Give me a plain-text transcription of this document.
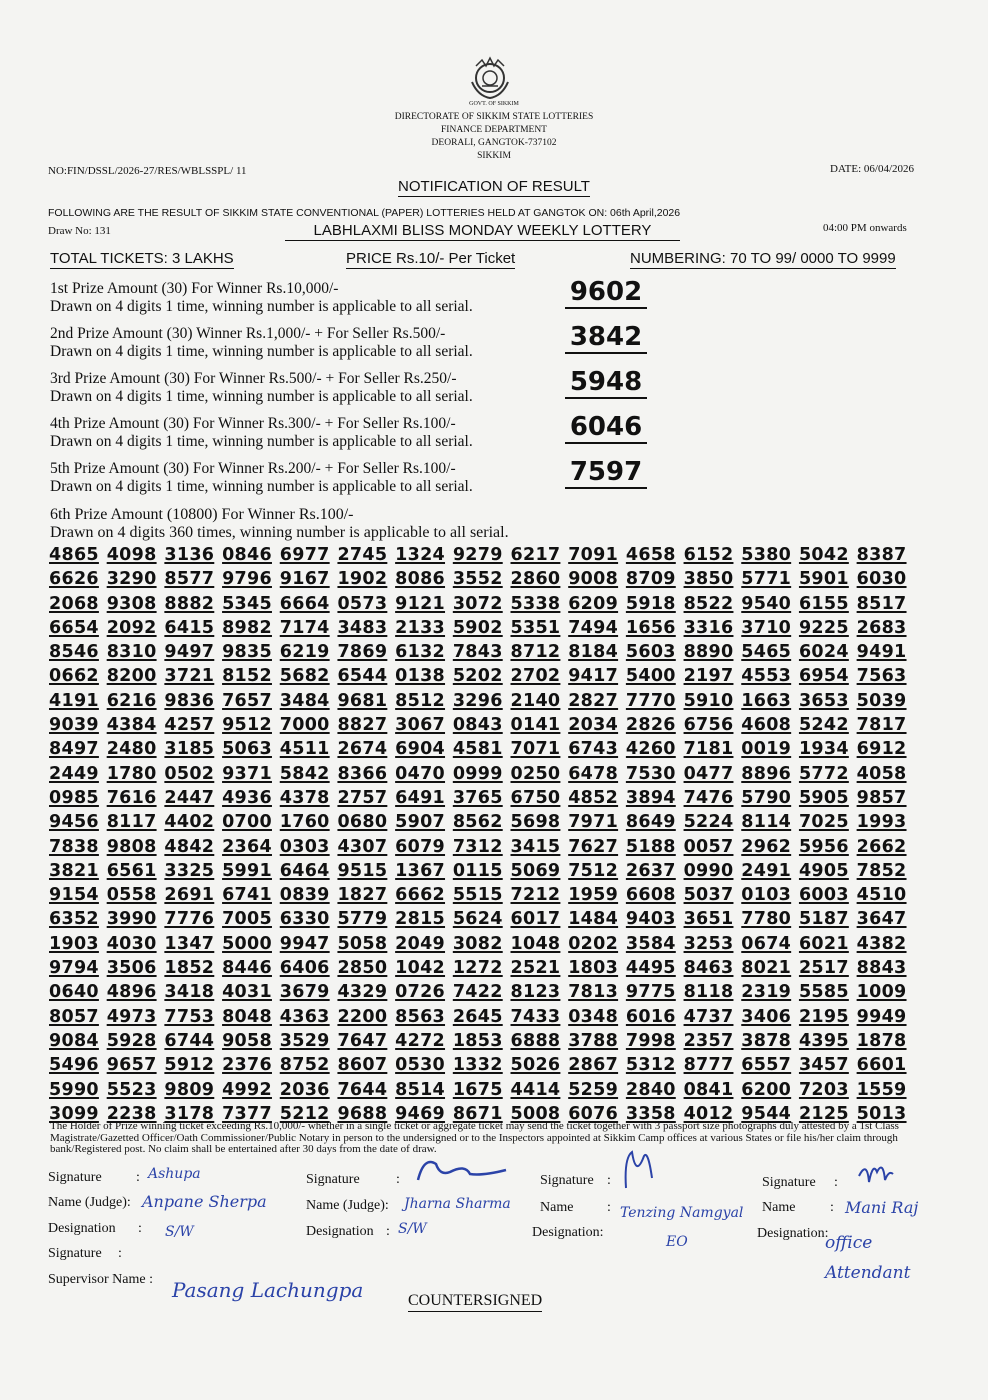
GOVT. OF SIKKIM
DIRECTORATE OF SIKKIM STATE LOTTERIES
FINANCE DEPARTMENT
DEORALI, GANGTOK-737102
SIKKIM
NO:FIN/DSSL/2026-27/RES/WBLSSPL/ 11	DATE: 06/04/2026
NOTIFICATION OF RESULT
FOLLOWING ARE THE RESULT OF SIKKIM STATE CONVENTIONAL (PAPER) LOTTERIES HELD AT GANGTOK ON: 06th April,2026
Draw No: 131	LABHLAXMI BLISS MONDAY WEEKLY LOTTERY	04:00 PM onwards
TOTAL TICKETS: 3 LAKHS	PRICE Rs.10/- Per Ticket	NUMBERING: 70 TO 99/ 0000 TO 9999
1st Prize Amount (30) For Winner Rs.10,000/-
Drawn on 4 digits 1 time, winning number is applicable to all serial.	9602
2nd Prize Amount (30) Winner Rs.1,000/- + For Seller Rs.500/-
Drawn on 4 digits 1 time, winning number is applicable to all serial.	3842
3rd Prize Amount (30) For Winner Rs.500/- + For Seller Rs.250/-
Drawn on 4 digits 1 time, winning number is applicable to all serial.	5948
4th Prize Amount (30) For Winner Rs.300/- + For Seller Rs.100/-
Drawn on 4 digits 1 time, winning number is applicable to all serial.	6046
5th Prize Amount (30) For Winner Rs.200/- + For Seller Rs.100/-
Drawn on 4 digits 1 time, winning number is applicable to all serial.	7597
6th Prize Amount (10800) For Winner Rs.100/-
Drawn on 4 digits 360 times, winning number is applicable to all serial.
4865 4098 3136 0846 6977 2745 1324 9279 6217 7091 4658 6152 5380 5042 8387
6626 3290 8577 9796 9167 1902 8086 3552 2860 9008 8709 3850 5771 5901 6030
2068 9308 8882 5345 6664 0573 9121 3072 5338 6209 5918 8522 9540 6155 8517
6654 2092 6415 8982 7174 3483 2133 5902 5351 7494 1656 3316 3710 9225 2683
8546 8310 9497 9835 6219 7869 6132 7843 8712 8184 5603 8890 5465 6024 9491
0662 8200 3721 8152 5682 6544 0138 5202 2702 9417 5400 2197 4553 6954 7563
4191 6216 9836 7657 3484 9681 8512 3296 2140 2827 7770 5910 1663 3653 5039
9039 4384 4257 9512 7000 8827 3067 0843 0141 2034 2826 6756 4608 5242 7817
8497 2480 3185 5063 4511 2674 6904 4581 7071 6743 4260 7181 0019 1934 6912
2449 1780 0502 9371 5842 8366 0470 0999 0250 6478 7530 0477 8896 5772 4058
0985 7616 2447 4936 4378 2757 6491 3765 6750 4852 3894 7476 5790 5905 9857
9456 8117 4402 0700 1760 0680 5907 8562 5698 7971 8649 5224 8114 7025 1993
7838 9808 4842 2364 0303 4307 6079 7312 3415 7627 5188 0057 2962 5956 2662
3821 6561 3325 5991 6464 9515 1367 0115 5069 7512 2637 0990 2491 4905 7852
9154 0558 2691 6741 0839 1827 6662 5515 7212 1959 6608 5037 0103 6003 4510
6352 3990 7776 7005 6330 5779 2815 5624 6017 1484 9403 3651 7780 5187 3647
1903 4030 1347 5000 9947 5058 2049 3082 1048 0202 3584 3253 0674 6021 4382
9794 3506 1852 8446 6406 2850 1042 1272 2521 1803 4495 8463 8021 2517 8843
0640 4896 3418 4031 3679 4329 0726 7422 8123 7813 9775 8118 2319 5585 1009
8057 4973 7753 8048 4363 2200 8563 2645 7433 0348 6016 4737 3406 2195 9949
9084 5928 6744 9058 3529 7647 4272 1853 6888 3788 7998 2357 3878 4395 1878
5496 9657 5912 2376 8752 8607 0530 1332 5026 2867 5312 8777 6557 3457 6601
5990 5523 9809 4992 2036 7644 8514 1675 4414 5259 2840 0841 6200 7203 1559
3099 2238 3178 7377 5212 9688 9469 8671 5008 6076 3358 4012 9544 2125 5013
The Holder of Prize winning ticket exceeding Rs.10,000/- whether in a single ticket or aggregate ticket may send the ticket together with 3 passport size photographs duly attested by a 1st Class Magistrate/Gazetted Officer/Oath Commissioner/Public Notary in person to the undersigned or to the Inspectors appointed at Sikkim Camp offices at various States or file his/her claim through bank/Registered post. No claim shall be entertained after 30 days from the date of draw.
Signature : Ashupa
Name (Judge): Anpane Sherpa
Designation : S/W
Signature	:
Name (Judge): Jharna Sharma
Designation : S/W
Signature :
Name : Tenzing Namgyal
Designation:
EO
Signature :
Name : Mani Raj
Designation:
office Attendant
Signature :
Supervisor Name : Pasang Lachungpa	COUNTERSIGNED
